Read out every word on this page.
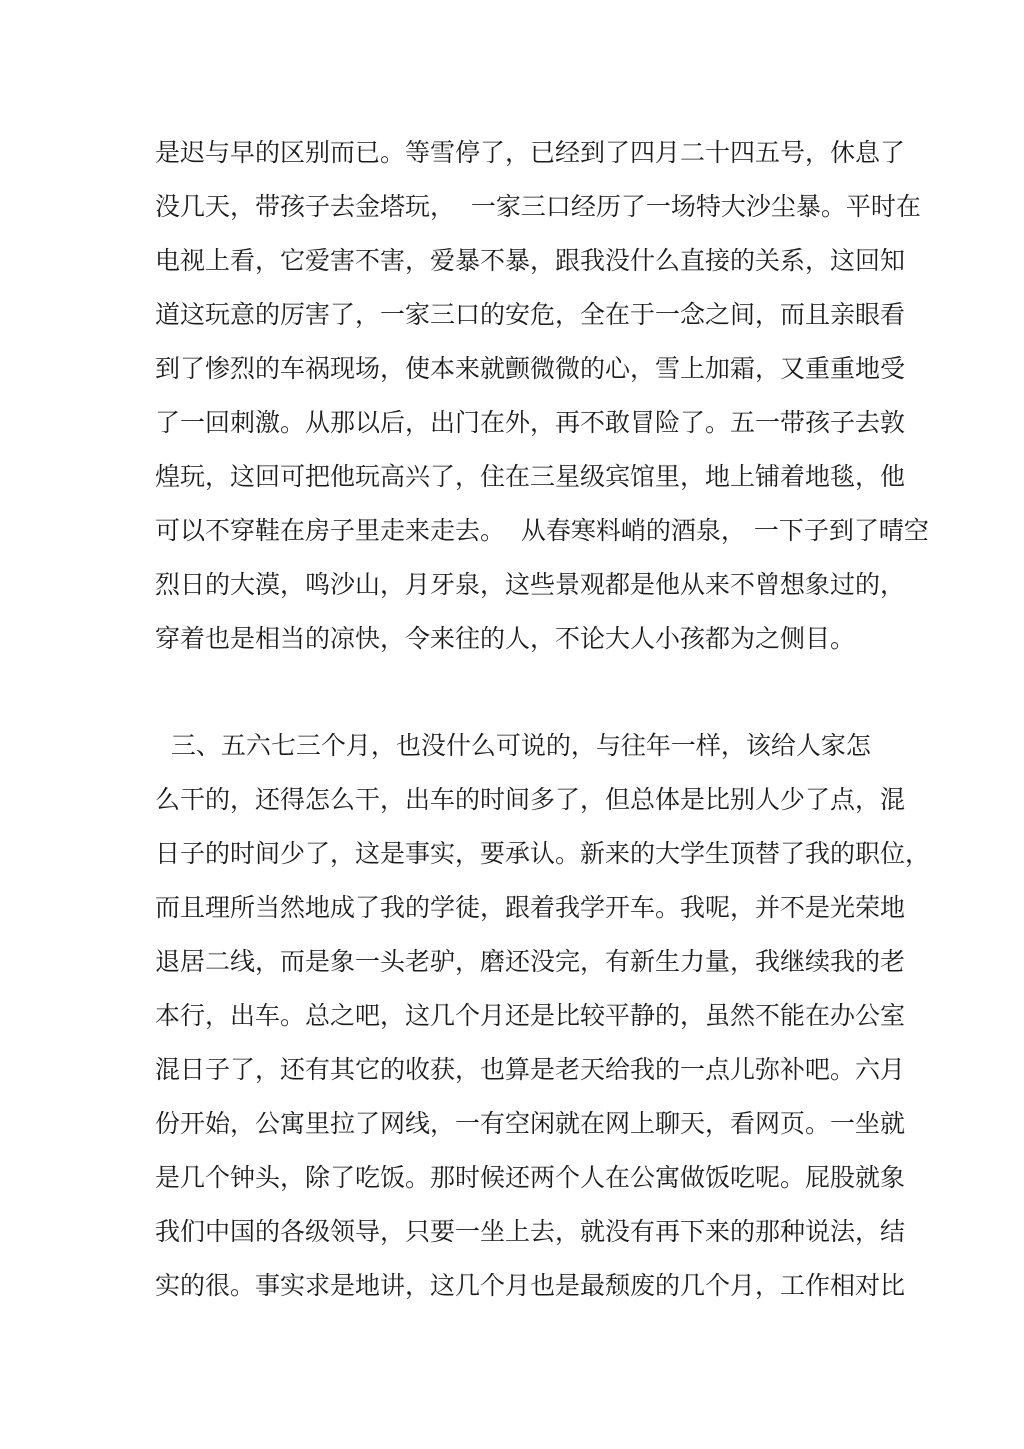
是迟与早的区别而已。等雪停了，已经到了四月二十四五号，休息了
没几天，带孩子去金塔玩，  一家三口经历了一场特大沙尘暴。平时在
电视上看，它爱害不害，爱暴不暴，跟我没什么直接的关系，这回知
道这玩意的厉害了，一家三口的安危，全在于一念之间，而且亲眼看
到了惨烈的车祸现场，使本来就颤微微的心，雪上加霜，又重重地受
了一回刺激。从那以后，出门在外，再不敢冒险了。五一带孩子去敦
煌玩，这回可把他玩高兴了，住在三星级宾馆里，地上铺着地毯，他
可以不穿鞋在房子里走来走去。  从春寒料峭的酒泉， 一下子到了晴空
烈日的大漠，鸣沙山，月牙泉，这些景观都是他从来不曾想象过的，
穿着也是相当的凉快，令来往的人，不论大人小孩都为之侧目。
三、五六七三个月，也没什么可说的，与往年一样，该给人家怎
么干的，还得怎么干，出车的时间多了，但总体是比别人少了点，混
日子的时间少了，这是事实，要承认。新来的大学生顶替了我的职位，
而且理所当然地成了我的学徒，跟着我学开车。我呢，并不是光荣地
退居二线，而是象一头老驴，磨还没完，有新生力量，我继续我的老
本行，出车。总之吧，这几个月还是比较平静的，虽然不能在办公室
混日子了，还有其它的收获，也算是老天给我的一点儿弥补吧。六月
份开始，公寓里拉了网线，一有空闲就在网上聊天，看网页。一坐就
是几个钟头，除了吃饭。那时候还两个人在公寓做饭吃呢。屁股就象
我们中国的各级领导，只要一坐上去，就没有再下来的那种说法，结
实的很。事实求是地讲，这几个月也是最颓废的几个月，工作相对比
